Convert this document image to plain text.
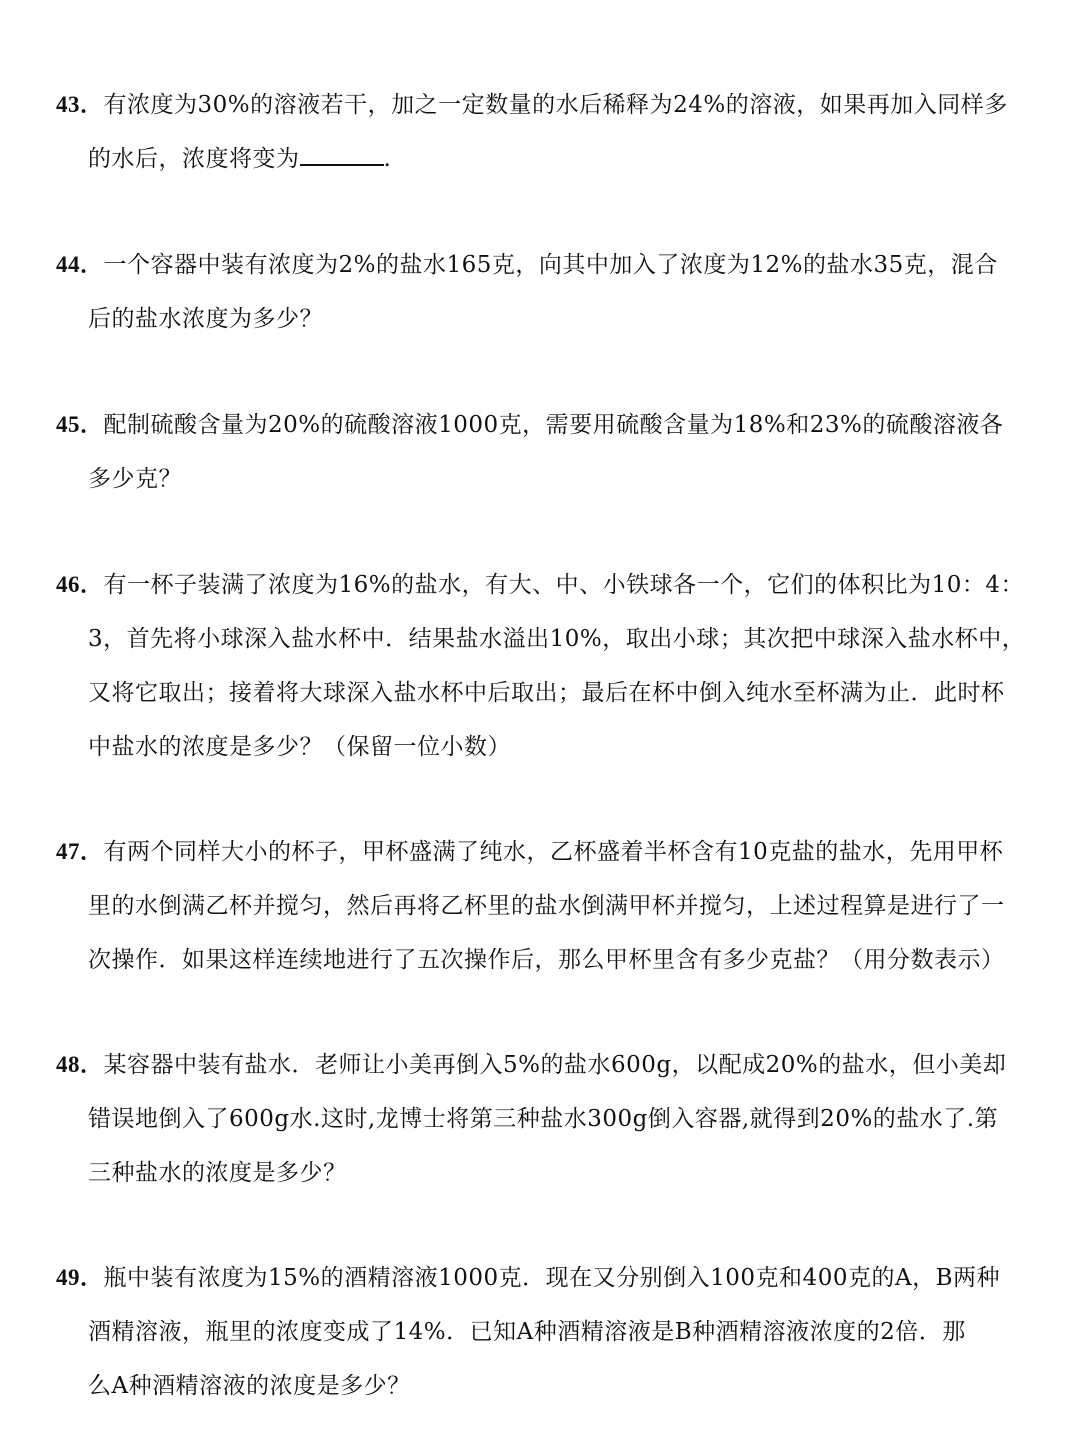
43．有浓度为30%的溶液若干，加之一定数量的水后稀释为24%的溶液，如果再加入同样多
的水后，浓度将变为	.
44．一个容器中装有浓度为2%的盐水165克，向其中加入了浓度为12%的盐水35克，混合
后的盐水浓度为多少？
45．配制硫酸含量为20%的硫酸溶液1000克，需要用硫酸含量为18%和23%的硫酸溶液各
多少克？
46．有一杯子装满了浓度为16%的盐水，有大、中、小铁球各一个，它们的体积比为10：4：
3，首先将小球深入盐水杯中．结果盐水溢出10%，取出小球；其次把中球深入盐水杯中，
又将它取出；接着将大球深入盐水杯中后取出；最后在杯中倒入纯水至杯满为止．此时杯
中盐水的浓度是多少？（保留一位小数）
47．有两个同样大小的杯子，甲杯盛满了纯水，乙杯盛着半杯含有10克盐的盐水，先用甲杯
里的水倒满乙杯并搅匀，然后再将乙杯里的盐水倒满甲杯并搅匀，上述过程算是进行了一
次操作．如果这样连续地进行了五次操作后，那么甲杯里含有多少克盐？（用分数表示）
48．某容器中装有盐水．老师让小美再倒入5%的盐水600g，以配成20%的盐水，但小美却
错误地倒入了600g水.这时,龙博士将第三种盐水300g倒入容器,就得到20%的盐水了.第
三种盐水的浓度是多少？
49．瓶中装有浓度为15%的酒精溶液1000克．现在又分别倒入100克和400克的A，B两种
酒精溶液，瓶里的浓度变成了14%．已知A种酒精溶液是B种酒精溶液浓度的2倍．那
么A种酒精溶液的浓度是多少？
